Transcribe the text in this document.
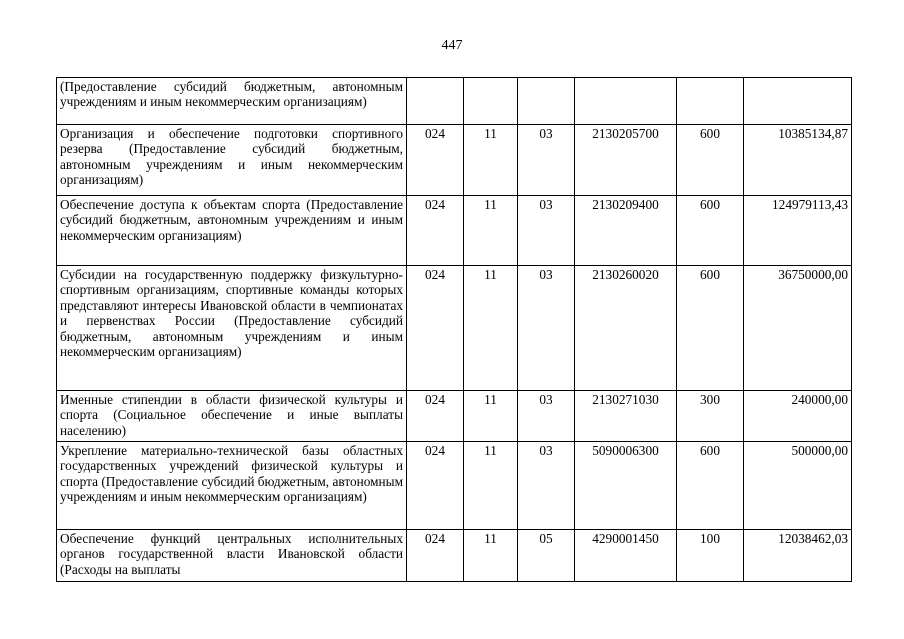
447
(Предоставление субсидий бюджетным, автономным учреждениям и иным некоммерческим организациям)						
Организация и обеспечение подготовки спортивного резерва (Предоставление субсидий бюджетным, автономным учреждениям и иным некоммерческим организациям)	024	11	03	2130205700	600	10385134,87
Обеспечение доступа к объектам спорта (Предоставление субсидий бюджетным, автономным учреждениям и иным некоммерческим организациям)	024	11	03	2130209400	600	124979113,43
Субсидии на государственную поддержку физкультурно-спортивным организациям, спортивные команды которых представляют интересы Ивановской области в чемпионатах и первенствах России (Предоставление субсидий бюджетным, автономным учреждениям и иным некоммерческим организациям)	024	11	03	2130260020	600	36750000,00
Именные стипендии в области физической культуры и спорта (Социальное обеспечение и иные выплаты населению)	024	11	03	2130271030	300	240000,00
Укрепление материально-технической базы областных государственных учреждений физической культуры и спорта (Предоставление субсидий бюджетным, автономным учреждениям и иным некоммерческим организациям)	024	11	03	5090006300	600	500000,00
Обеспечение функций центральных исполнительных органов государственной власти Ивановской области (Расходы на выплаты	024	11	05	4290001450	100	12038462,03
